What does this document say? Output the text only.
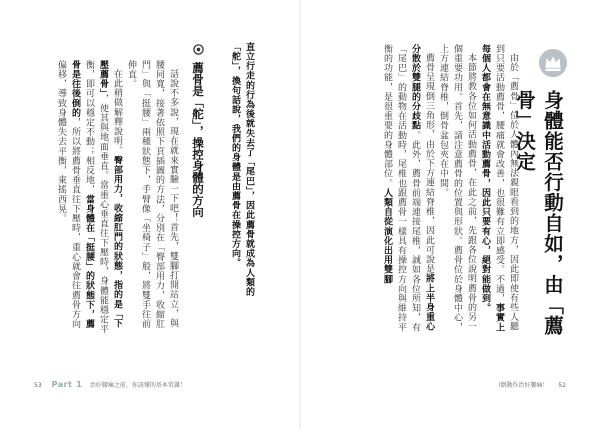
直立行走的行為後就失去了「尾巴」，因此薦骨就成為人類的「舵」，換句話說，我們的身體是由薦骨在操控方向。

薦骨是「舵」，操控身體的方向

話說不多說，現在就來實驗一下吧！首先，雙腳打開站立，與腰同寬，接著依照下頁插圖的方法，分別在「臀部用力，收縮肛門」與「挺腰」兩種狀態下，手臂像「坐椅子」般，將雙手往前伸直。

在此稍做解釋說明。臀部用力，收縮肛門的狀態，指的是「下壓薦骨」，使其與地面垂直。當重心垂直往下壓時，身體能穩定平衡，即可以穩定不動；相反地，當身體在「挺腰」的狀態下，薦骨是往後倒的，所以將薦骨垂直往下壓時，重心就會往薦骨方向偏移，導致身體失去平衡，東搖西晃。

53 Part 1 治好腰痛之前，你該懂的基本常識！
身體能否行動自如，由「薦骨」決定

由於「薦骨」位於人體內無法親眼看到的地方，因此即使有些人聽到只要活動薦骨，腰痛就會改善，也很難有立即感受。不過，事實上每個人都會在無意識中活動薦骨，因此只要有心，絕對能做到。

本節將教各位如何活動薦骨，在此之前，先跟各位說明薦骨的另一個重要功用。首先，請注意薦骨的位置與形狀。薦骨位於身體中心，上方連結脊椎，倒骨盆包夾在中間。

薦骨呈現倒三角形，由於下方連結脊椎，因此可說是將上半身重心分散於雙腿的分歧點。此外，薦骨前端連接尾椎，誠如各位所知，有「尾巴」的動物在活動時，尾椎也跟薦骨一樣具有操控方向與維持平衡的功能，是很重要的身體部位。人類自從演化出用雙腳

!倒動作治好腰痛！ 52
